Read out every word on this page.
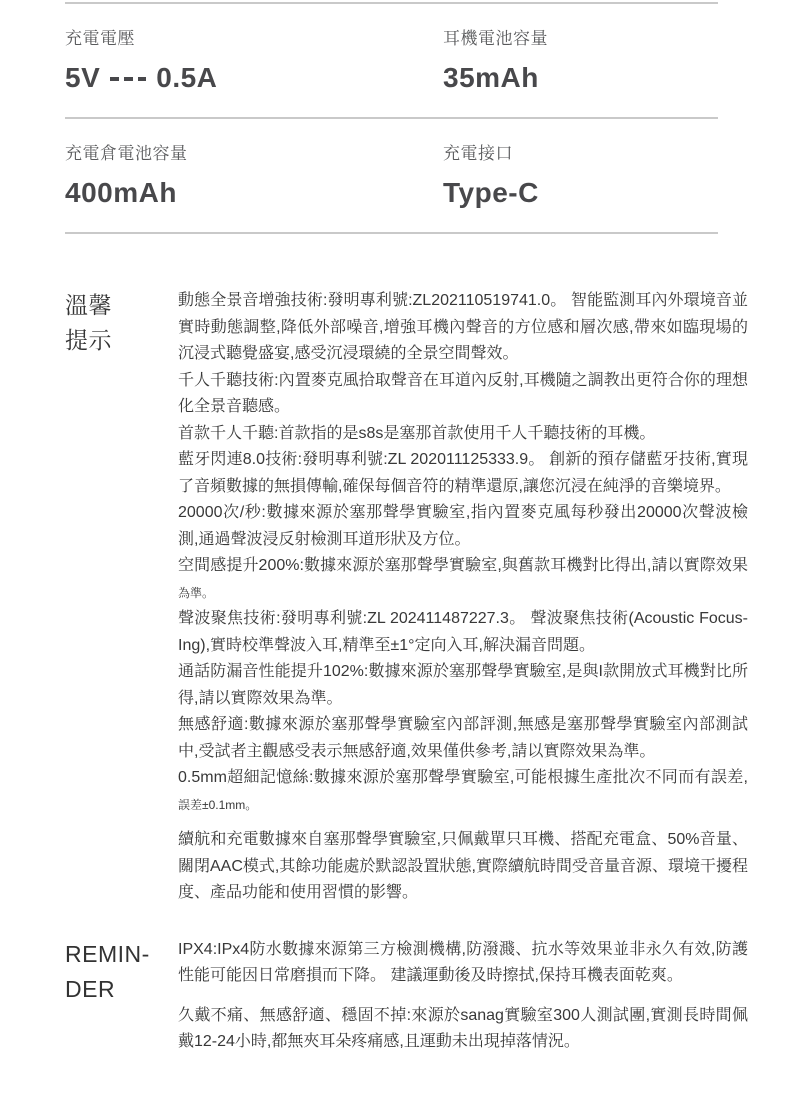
充電電壓
5V 0.5A
耳機電池容量
35mAh
充電倉電池容量
400mAh
充電接口
Type-C
溫馨
提示

動態全景音增強技術:發明專利號:ZL202110519741.0。 智能監測耳內外環境音並實時動態調整,降低外部噪音,增強耳機內聲音的方位感和層次感,帶來如臨現場的沉浸式聽覺盛宴,感受沉浸環繞的全景空間聲效。

千人千聽技術:內置麥克風拾取聲音在耳道內反射,耳機隨之調教出更符合你的理想化全景音聽感。

首款千人千聽:首款指的是s8s是塞那首款使用千人千聽技術的耳機。

藍牙閃連8.0技術:發明專利號:ZL 202011125333.9。 創新的預存儲藍牙技術,實現了音頻數據的無損傳輸,確保每個音符的精準還原,讓您沉浸在純淨的音樂境界。

20000次/秒:數據來源於塞那聲學實驗室,指內置麥克風每秒發出20000次聲波檢測,通過聲波浸反射檢測耳道形狀及方位。

空間感提升200%:數據來源於塞那聲學實驗室,與舊款耳機對比得出,請以實際效果為準。

聲波聚焦技術:發明專利號:ZL 202411487227.3。 聲波聚焦技術(Acoustic Focus-Ing),實時校準聲波入耳,精準至±1°定向入耳,解決漏音問題。

通話防漏音性能提升102%:數據來源於塞那聲學實驗室,是與I款開放式耳機對比所得,請以實際效果為準。

無感舒適:數據來源於塞那聲學實驗室內部評測,無感是塞那聲學實驗室內部測試中,受試者主觀感受表示無感舒適,效果僅供參考,請以實際效果為準。

0.5mm超細記憶絲:數據來源於塞那聲學實驗室,可能根據生產批次不同而有誤差,誤差±0.1mm。

續航和充電數據來自塞那聲學實驗室,只佩戴單只耳機、搭配充電盒、50%音量、關閉AAC模式,其餘功能處於默認設置狀態,實際續航時間受音量音源、環境干擾程度、產品功能和使用習慣的影響。

REMIN-
DER

IPX4:IPx4防水數據來源第三方檢測機構,防潑濺、抗水等效果並非永久有效,防護性能可能因日常磨損而下降。 建議運動後及時擦拭,保持耳機表面乾爽。

久戴不痛、無感舒適、穩固不掉:來源於sanag實驗室300人測試團,實測長時間佩戴12-24小時,都無夾耳朵疼痛感,且運動未出現掉落情況。
